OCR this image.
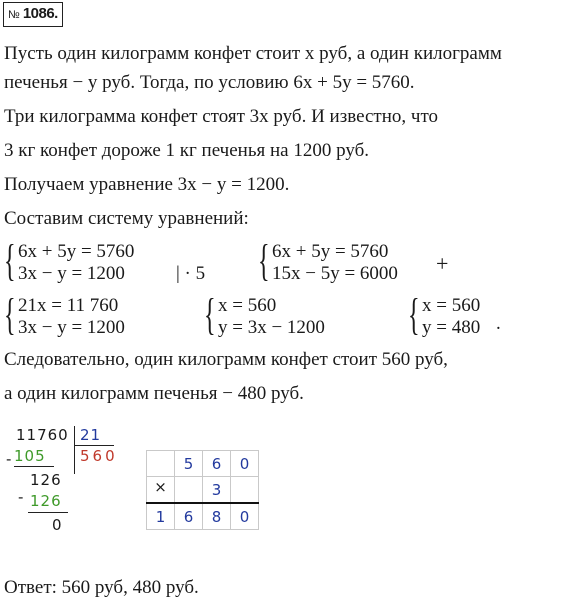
№ 1086.
Пусть один килограмм конфет стоит x руб, а один килограмм
печенья − y руб. Тогда, по условию 6x + 5y = 5760.
Три килограмма конфет стоят 3x руб. И известно, что
3 кг конфет дороже 1 кг печенья на 1200 руб.
Получаем уравнение 3x − y = 1200.
Составим систему уравнений:
{ 6x + 5y = 5760
3x − y = 1200	| · 5 { 6x + 5y = 5760
15x − 5y = 6000 +
{ 21x = 11 760
3x − y = 1200 { x = 560
y = 3x − 1200 { x = 560
y = 480 .
Следовательно, один килограмм конфет стоит 560 руб,
а один килограмм печенья − 480 руб.
11760 21
560
- 105
126
- 126
0
	5	6	0
×		3	
1	6	8	0
Ответ: 560 руб, 480 руб.
